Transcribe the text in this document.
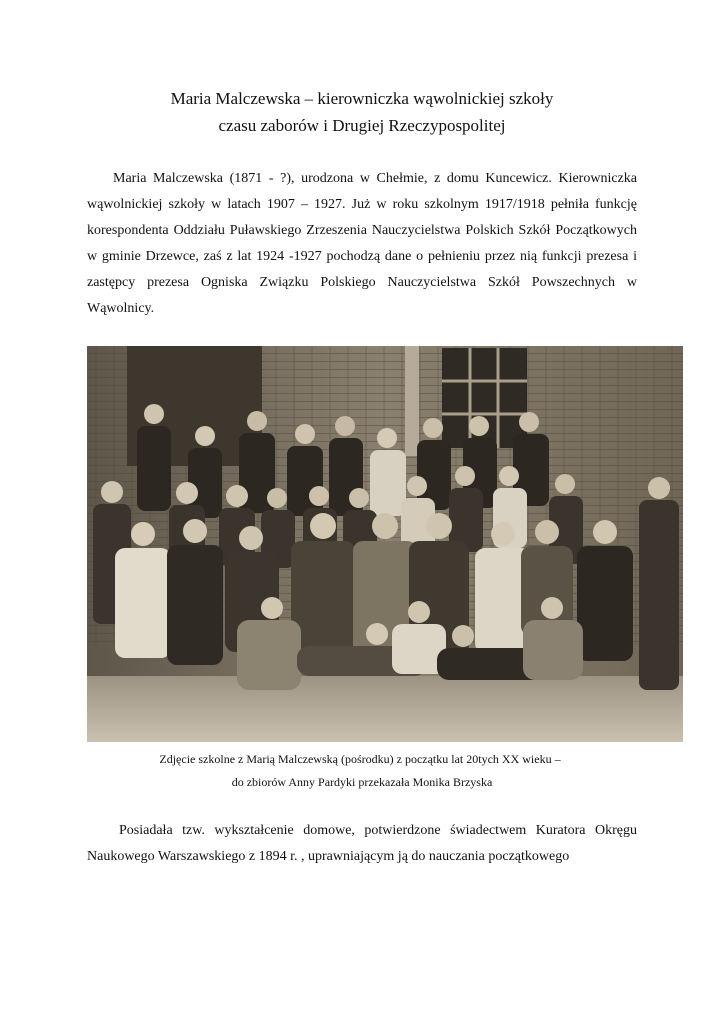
Maria Malczewska – kierowniczka wąwolnickiej szkoły
czasu zaborów i Drugiej Rzeczypospolitej

Maria Malczewska (1871 - ?), urodzona w Chełmie, z domu Kuncewicz. Kierowniczka wąwolnickiej szkoły w latach 1907 – 1927. Już w roku szkolnym 1917/1918 pełniła funkcję korespondenta Oddziału Puławskiego Zrzeszenia Nauczycielstwa Polskich Szkół Początkowych w gminie Drzewce, zaś z lat 1924 -1927 pochodzą dane o pełnieniu przez nią funkcji prezesa i zastępcy prezesa Ogniska Związku Polskiego Nauczycielstwa Szkół Powszechnych w Wąwolnicy.

Zdjęcie szkolne z Marią Malczewską (pośrodku) z początku lat 20tych XX wieku –

do zbiorów Anny Pardyki przekazała Monika Brzyska

Posiadała tzw. wykształcenie domowe, potwierdzone świadectwem Kuratora Okręgu Naukowego Warszawskiego z 1894 r. , uprawniającym ją do nauczania początkowego
